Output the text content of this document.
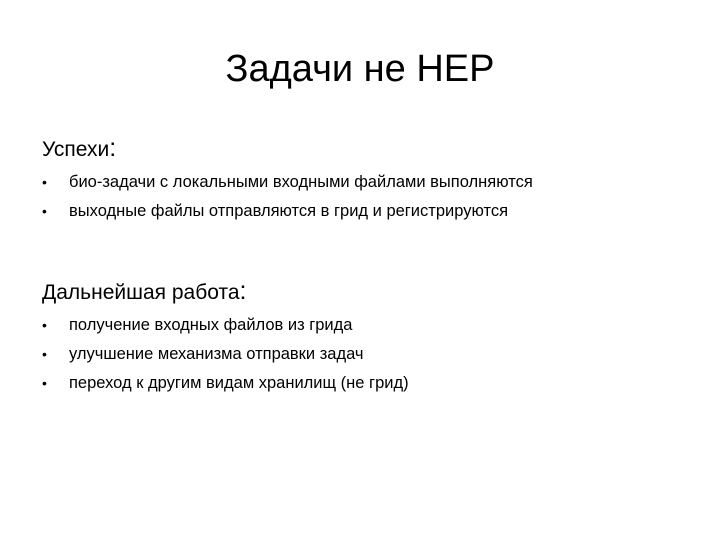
Задачи не HEP
Успехи:
• био-задачи с локальными входными файлами выполняются
• выходные файлы отправляются в грид и регистрируются
Дальнейшая работа:
• получение входных файлов из грида
• улучшение механизма отправки задач
• переход к другим видам хранилищ (не грид)
